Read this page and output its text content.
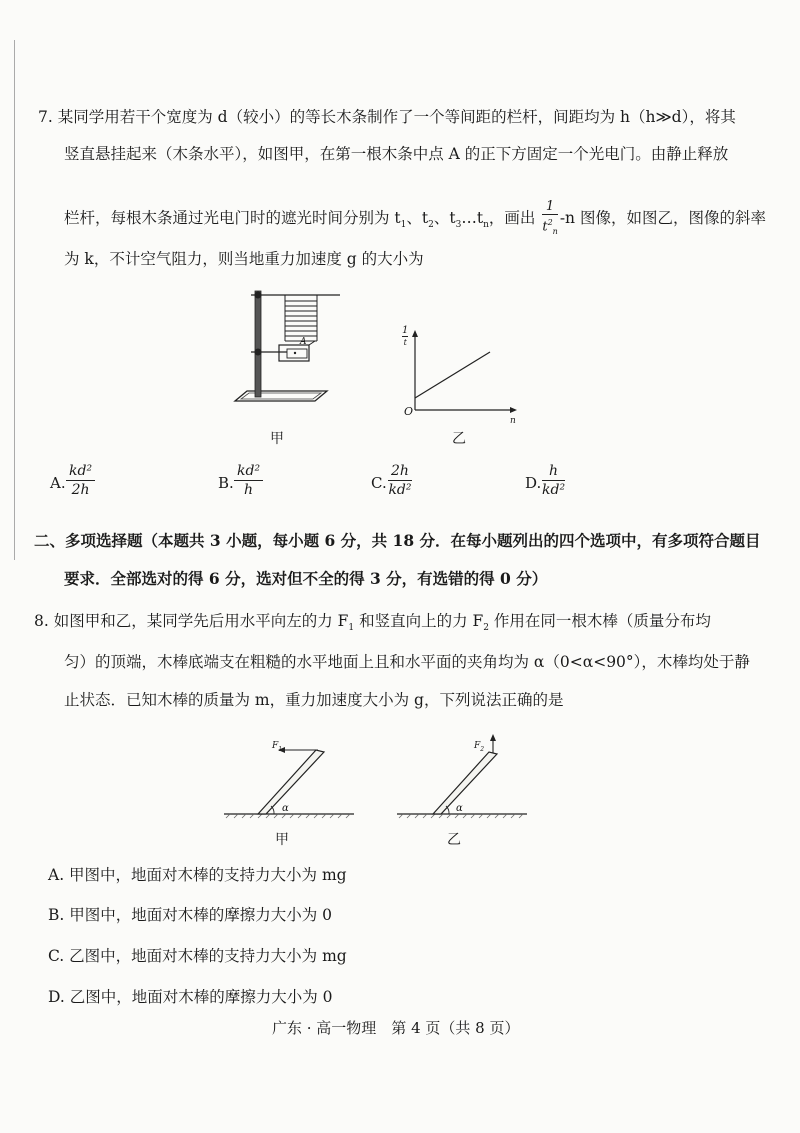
7. 某同学用若干个宽度为 d（较小）的等长木条制作了一个等间距的栏杆，间距均为 h（h≫d），将其
竖直悬挂起来（木条水平），如图甲，在第一根木条中点 A 的正下方固定一个光电门。由静止释放
栏杆，每根木条通过光电门时的遮光时间分别为 $t_1$、$t_2$、$t_3\dots t_n$，画出 $\frac{1}{t^2_n} -n$ 图像，如图乙，图像的斜率
为 k，不计空气阻力，则当地重力加速度 g 的大小为
A
甲
1
t
O
n
乙
A. $\frac{\text{kd²}}{2h}$	B. $\frac{\text{kd²}}{h}$	C. $\frac{2h}{\text{kd²}}$	D. $\frac{h}{\text{kd²}}$
二、多项选择题（本题共 3 小题，每小题 6 分，共 18 分．在每小题列出的四个选项中，有多项符合题目
要求．全部选对的得 6 分，选对但不全的得 3 分，有选错的得 0 分）
8. 如图甲和乙，某同学先后用水平向左的力 $F_1$ 和竖直向上的力 $F_2$ 作用在同一根木棒（质量分布均
匀）的顶端，木棒底端支在粗糙的水平地面上且和水平面的夹角均为 α（0<α<90°），木棒均处于静
止状态．已知木棒的质量为 m，重力加速度大小为 g，下列说法正确的是
$F_1$
α
甲
$F_2$
α
乙
A. 甲图中，地面对木棒的支持力大小为 mg
B. 甲图中，地面对木棒的摩擦力大小为 0
C. 乙图中，地面对木棒的支持力大小为 mg
D. 乙图中，地面对木棒的摩擦力大小为 0
广东 · 高一物理　第 4 页（共 8 页）
